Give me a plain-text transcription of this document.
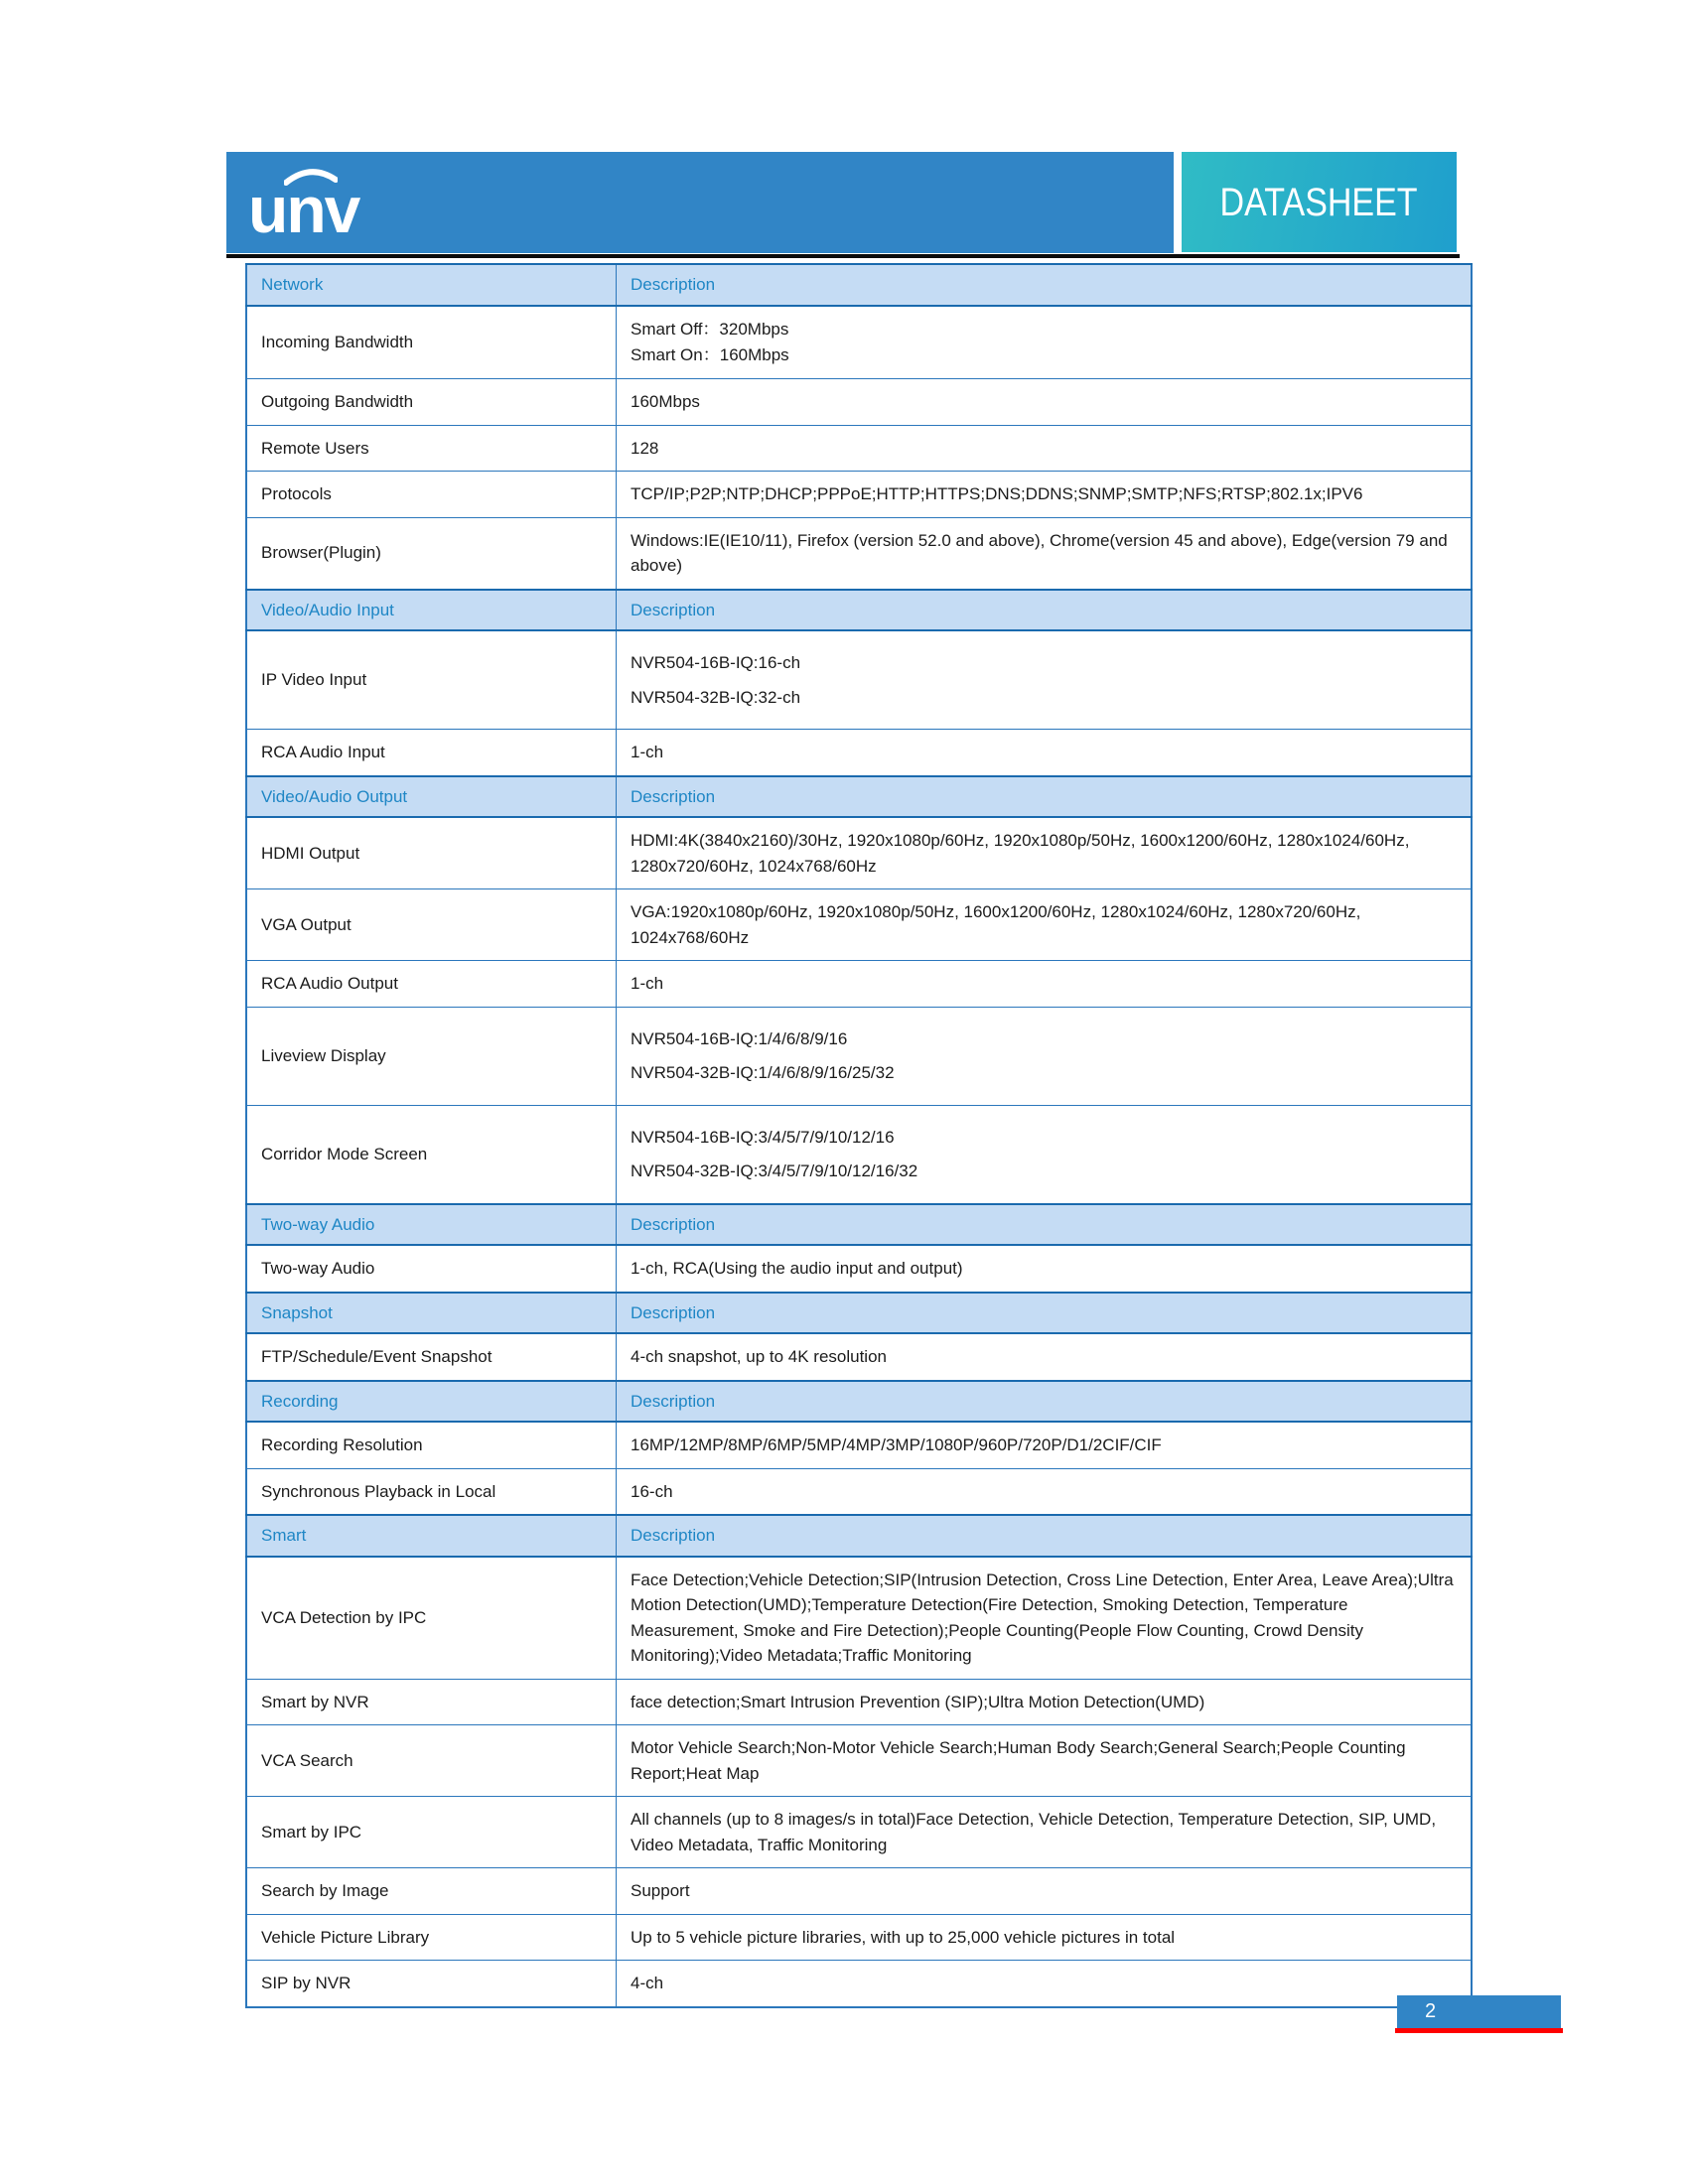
unv	DATASHEET
Network	Description

Incoming Bandwidth	Smart Off：320Mbps
Smart On：160Mbps

Outgoing Bandwidth	160Mbps

Remote Users	128

Protocols	TCP/IP;P2P;NTP;DHCP;PPPoE;HTTP;HTTPS;DNS;DDNS;SNMP;SMTP;NFS;RTSP;802.1x;IPV6

Browser(Plugin)	Windows:IE(IE10/11), Firefox (version 52.0 and above), Chrome(version 45 and above), Edge(version 79 and above)

Video/Audio Input	Description

IP Video Input	NVR504-16B-IQ:16-ch
NVR504-32B-IQ:32-ch

RCA Audio Input	1-ch

Video/Audio Output	Description

HDMI Output	HDMI:4K(3840x2160)/30Hz, 1920x1080p/60Hz, 1920x1080p/50Hz, 1600x1200/60Hz, 1280x1024/60Hz, 1280x720/60Hz, 1024x768/60Hz

VGA Output	VGA:1920x1080p/60Hz, 1920x1080p/50Hz, 1600x1200/60Hz, 1280x1024/60Hz, 1280x720/60Hz, 1024x768/60Hz

RCA Audio Output	1-ch

Liveview Display	NVR504-16B-IQ:1/4/6/8/9/16
NVR504-32B-IQ:1/4/6/8/9/16/25/32

Corridor Mode Screen	NVR504-16B-IQ:3/4/5/7/9/10/12/16
NVR504-32B-IQ:3/4/5/7/9/10/12/16/32

Two-way Audio	Description

Two-way Audio	1-ch, RCA(Using the audio input and output)

Snapshot	Description

FTP/Schedule/Event Snapshot	4-ch snapshot, up to 4K resolution

Recording	Description

Recording Resolution	16MP/12MP/8MP/6MP/5MP/4MP/3MP/1080P/960P/720P/D1/2CIF/CIF

Synchronous Playback in Local	16-ch

Smart	Description

VCA Detection by IPC	Face Detection;Vehicle Detection;SIP(Intrusion Detection, Cross Line Detection, Enter Area, Leave Area);Ultra Motion Detection(UMD);Temperature Detection(Fire Detection, Smoking Detection, Temperature Measurement, Smoke and Fire Detection);People Counting(People Flow Counting, Crowd Density Monitoring);Video Metadata;Traffic Monitoring

Smart by NVR	face detection;Smart Intrusion Prevention (SIP);Ultra Motion Detection(UMD)

VCA Search	Motor Vehicle Search;Non-Motor Vehicle Search;Human Body Search;General Search;People Counting Report;Heat Map

Smart by IPC	All channels (up to 8 images/s in total)Face Detection, Vehicle Detection, Temperature Detection, SIP, UMD, Video Metadata, Traffic Monitoring

Search by Image	Support

Vehicle Picture Library	Up to 5 vehicle picture libraries, with up to 25,000 vehicle pictures in total

SIP by NVR	4-ch
2
